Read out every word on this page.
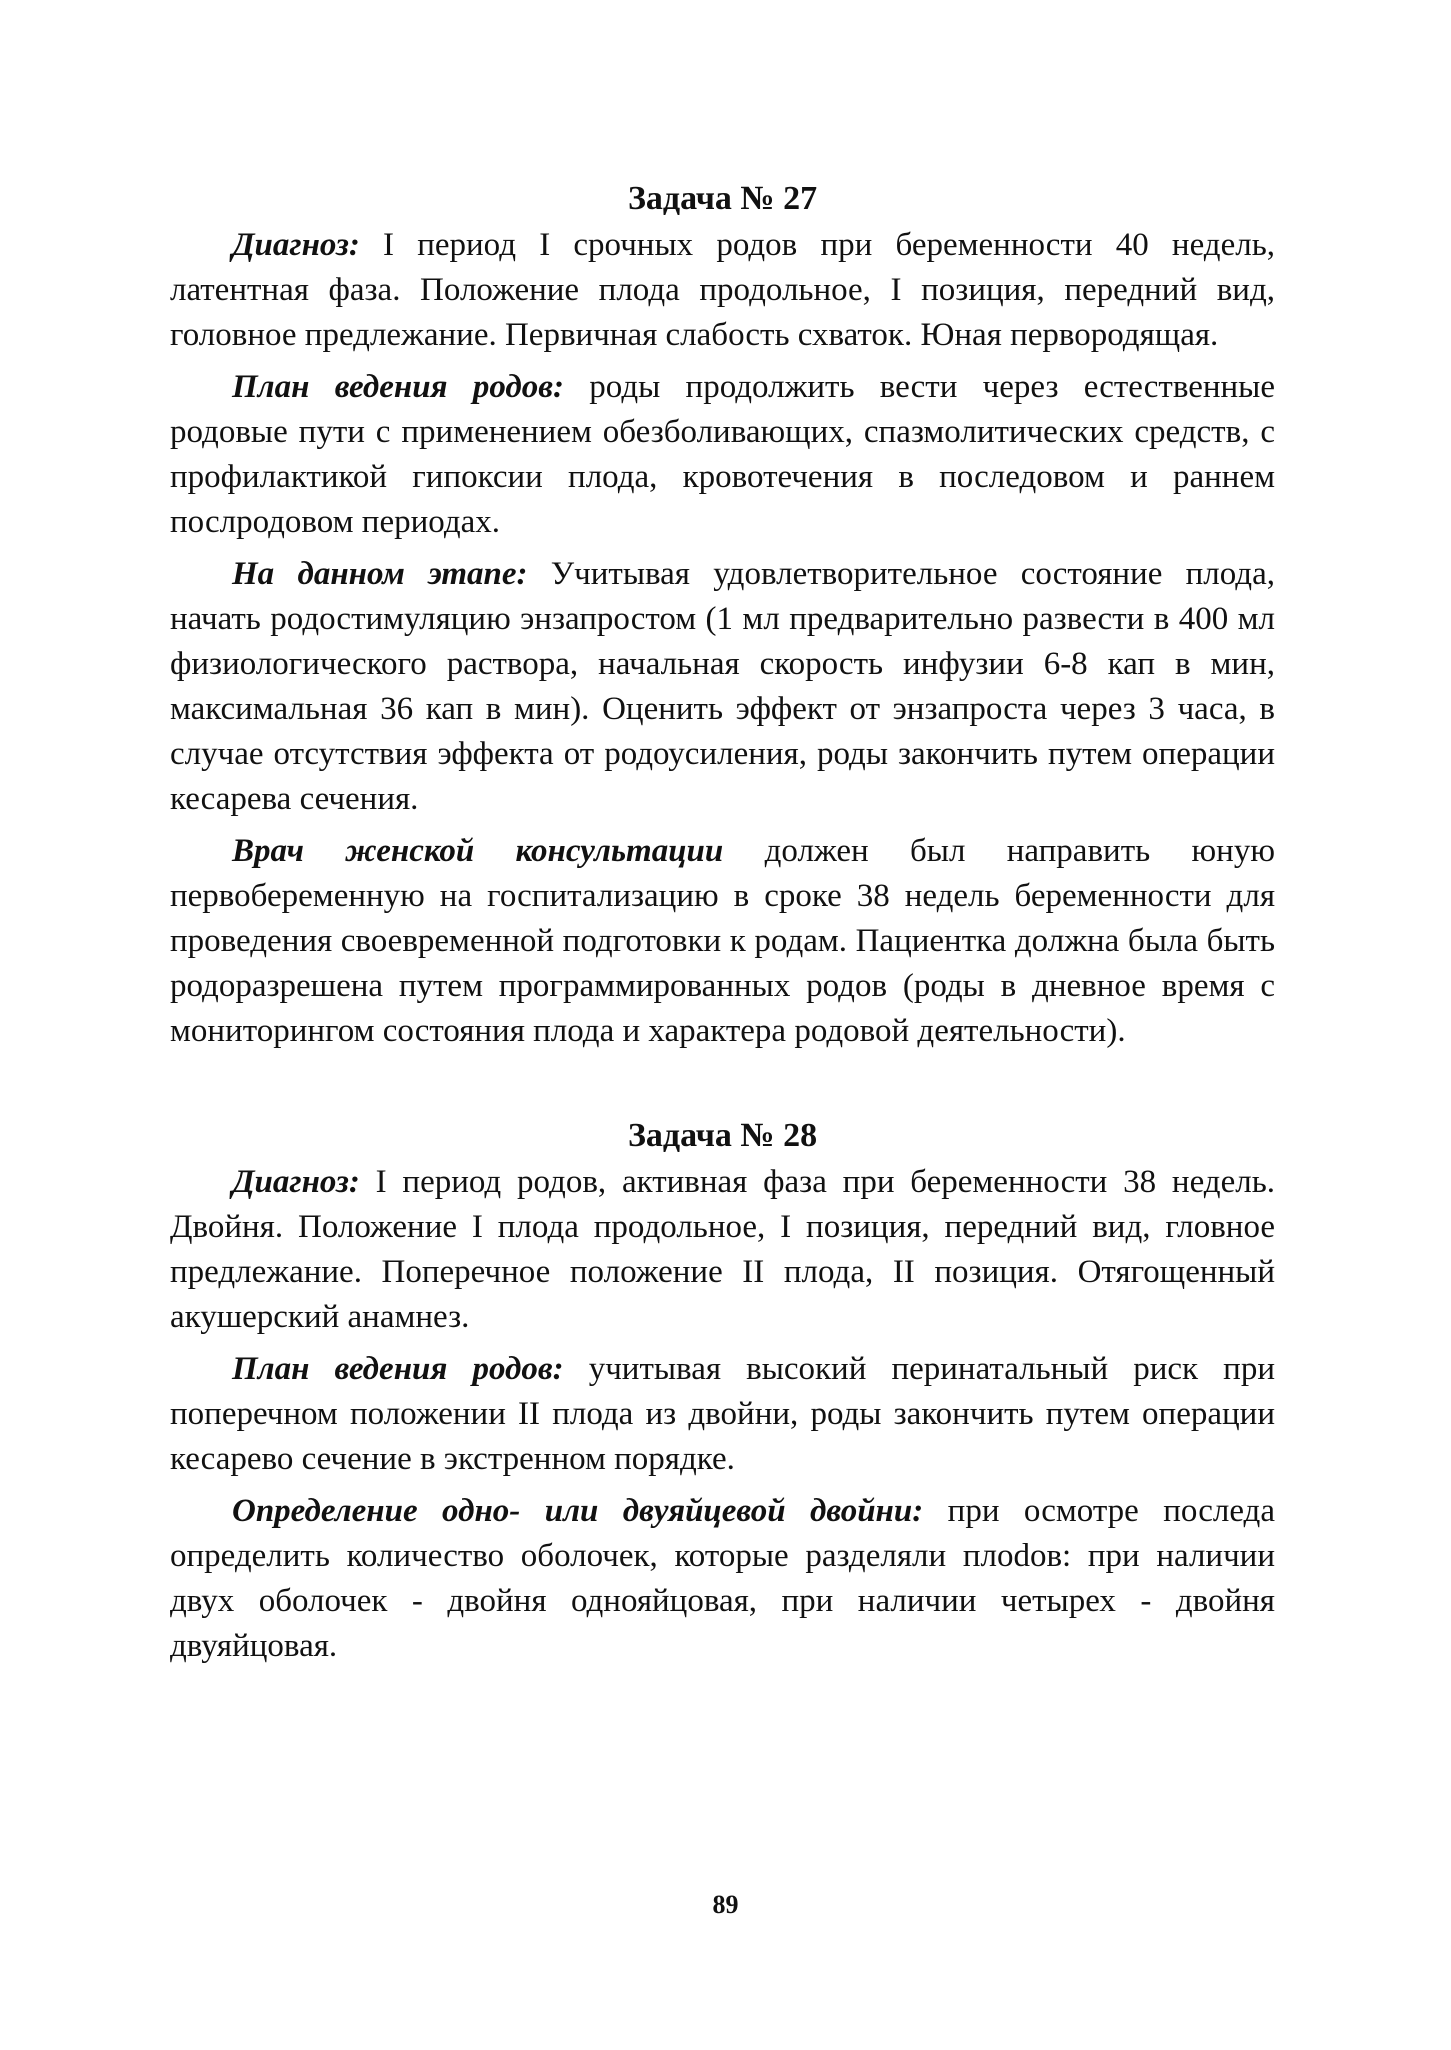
Задача № 27

Диагноз: I период I срочных родов при беременности 40 недель, латентная фаза. Положение плода продольное, I позиция, передний вид, головное предлежание. Первичная слабость схваток. Юная первородящая.

План ведения родов: роды продолжить вести через естественные родовые пути с применением обезболивающих, спазмолитических средств, с профилактикой гипоксии плода, кровотечения в последовом и раннем послродовом периодах.

На данном этапе: Учитывая удовлетворительное состояние плода, начать родостимуляцию энзапростом (1 мл предварительно развести в 400 мл физиологического раствора, начальная скорость инфузии 6-8 кап в мин, максимальная 36 кап в мин). Оценить эффект от энзапроста через 3 часа, в случае отсутствия эффекта от родоусиления, роды закончить путем операции кесарева сечения.

Врач женской консультации должен был направить юную первобеременную на госпитализацию в сроке 38 недель беременности для проведения своевременной подготовки к родам. Пациентка должна была быть родоразрешена путем программированных родов (роды в дневное время с мониторингом состояния плода и характера родовой деятельности).

Задача № 28

Диагноз: I период родов, активная фаза при беременности 38 недель. Двойня. Положение I плода продольное, I позиция, передний вид, гловное предлежание. Поперечное положение II плода, II позиция. Отягощенный акушерский анамнез.

План ведения родов: учитывая высокий перинатальный риск при поперечном положении II плода из двойни, роды закончить путем операции кесарево сечение в экстренном порядке.

Определение одно- или двуяйцевой двойни: при осмотре последа определить количество оболочек, которые разделяли плоdов: при наличии двух оболочек - двойня однояйцовая, при наличии четырех - двойня двуяйцовая.

89
